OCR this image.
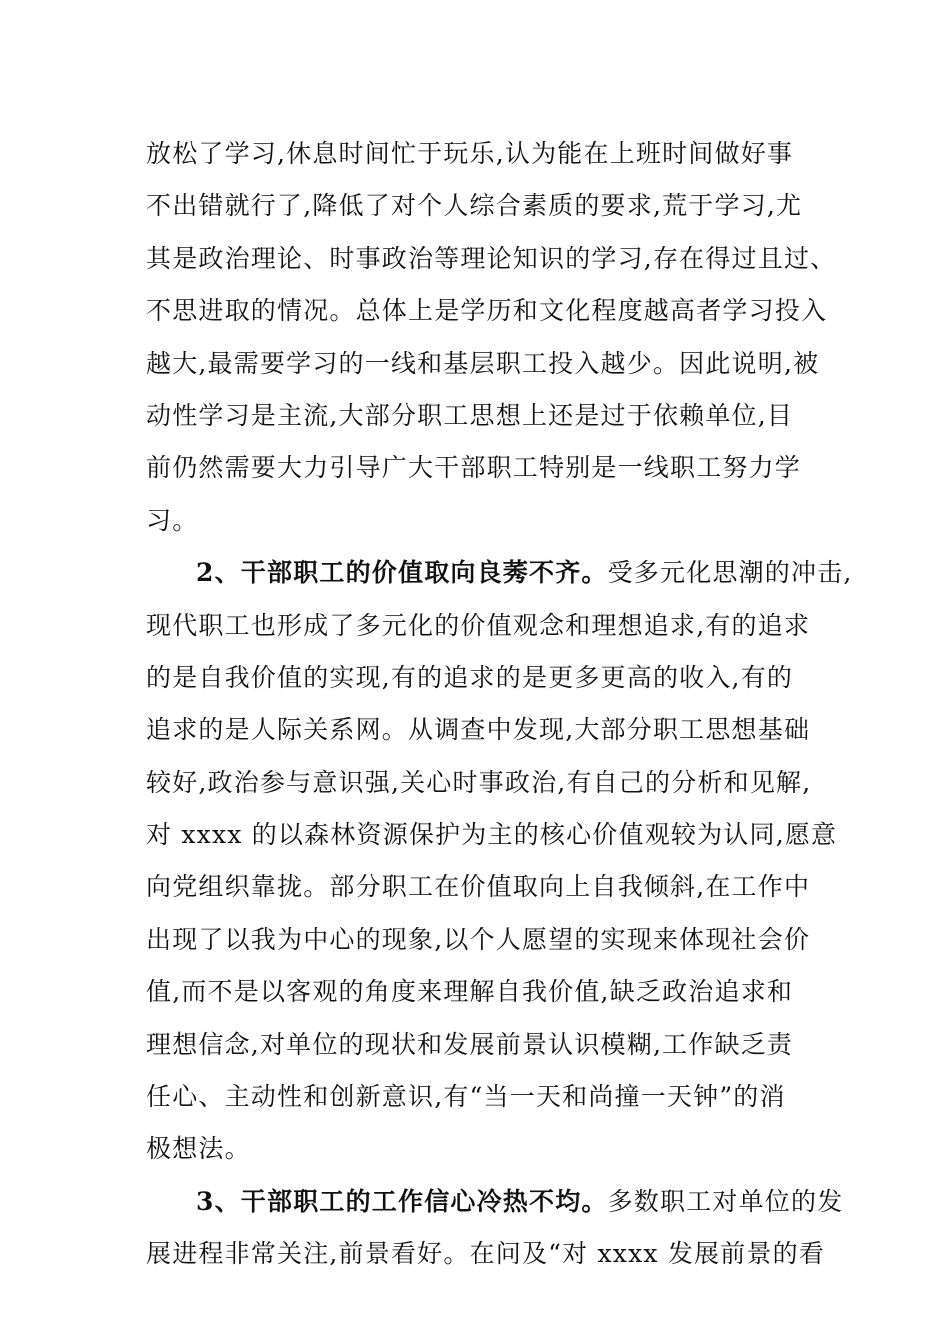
放松了学习,休息时间忙于玩乐,认为能在上班时间做好事
不出错就行了,降低了对个人综合素质的要求,荒于学习,尤
其是政治理论、时事政治等理论知识的学习,存在得过且过、
不思进取的情况。总体上是学历和文化程度越高者学习投入
越大,最需要学习的一线和基层职工投入越少。因此说明,被
动性学习是主流,大部分职工思想上还是过于依赖单位,目
前仍然需要大力引导广大干部职工特别是一线职工努力学
习。
2、干部职工的价值取向良莠不齐。受多元化思潮的冲击,
现代职工也形成了多元化的价值观念和理想追求,有的追求
的是自我价值的实现,有的追求的是更多更高的收入,有的
追求的是人际关系网。从调查中发现,大部分职工思想基础
较好,政治参与意识强,关心时事政治,有自己的分析和见解,
对 xxxx 的以森林资源保护为主的核心价值观较为认同,愿意
向党组织靠拢。部分职工在价值取向上自我倾斜,在工作中
出现了以我为中心的现象,以个人愿望的实现来体现社会价
值,而不是以客观的角度来理解自我价值,缺乏政治追求和
理想信念,对单位的现状和发展前景认识模糊,工作缺乏责
任心、主动性和创新意识,有“当一天和尚撞一天钟”的消
极想法。
3、干部职工的工作信心冷热不均。多数职工对单位的发
展进程非常关注,前景看好。在问及“对 xxxx 发展前景的看
